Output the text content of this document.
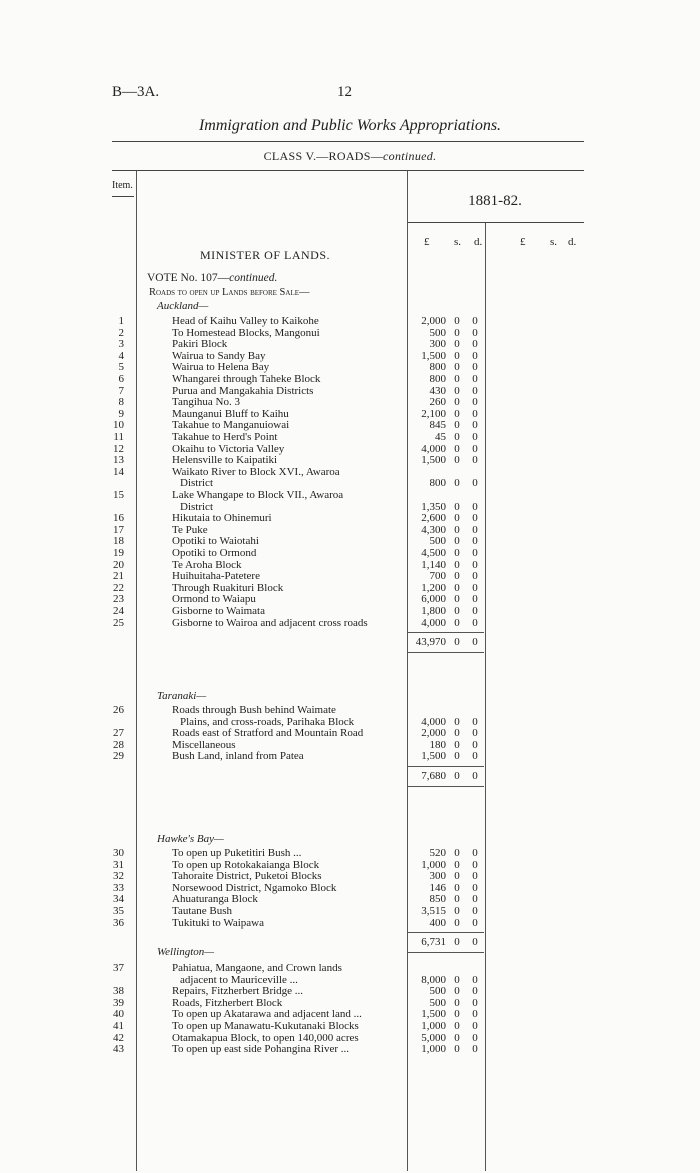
B—3A.	12
Immigration and Public Works Appropriations.
CLASS V.—ROADS—continued.
Item.
1881-82.
£ s. d.	£ s. d.
MINISTER OF LANDS.
VOTE No. 107—continued.
Roads to open up Lands before Sale—
Auckland—
1	Head of Kaihu Valley to Kaikohe	2,000 0 0
2	To Homestead Blocks, Mangonui	500 0 0
3	Pakiri Block	300 0 0
4	Wairua to Sandy Bay	1,500 0 0
5	Wairua to Helena Bay	800 0 0
6	Whangarei through Taheke Block	800 0 0
7	Purua and Mangakahia Districts	430 0 0
8	Tangihua No. 3	260 0 0
9	Maunganui Bluff to Kaihu	2,100 0 0
10	Takahue to Manganuiowai	845 0 0
11	Takahue to Herd's Point	45 0 0
12	Okaihu to Victoria Valley	4,000 0 0
13	Helensville to Kaipatiki	1,500 0 0
14	Waikato River to Block XVI., Awaroa
District	800 0 0
15	Lake Whangape to Block VII., Awaroa
District	1,350 0 0
16	Hikutaia to Ohinemuri	2,600 0 0
17	Te Puke	4,300 0 0
18	Opotiki to Waiotahi	500 0 0
19	Opotiki to Ormond	4,500 0 0
20	Te Aroha Block	1,140 0 0
21	Huihuitaha-Patetere	700 0 0
22	Through Ruakituri Block	1,200 0 0
23	Ormond to Waiapu	6,000 0 0
24	Gisborne to Waimata	1,800 0 0
25	Gisborne to Wairoa and adjacent cross roads	4,000 0 0
43,970 0 0
Taranaki—
26	Roads through Bush behind Waimate
Plains, and cross-roads, Parihaka Block	4,000 0 0
27	Roads east of Stratford and Mountain Road	2,000 0 0
28	Miscellaneous	180 0 0
29	Bush Land, inland from Patea	1,500 0 0
7,680 0 0
Hawke's Bay—
30	To open up Puketitiri Bush ...	520 0 0
31	To open up Rotokakaianga Block	1,000 0 0
32	Tahoraite District, Puketoi Blocks	300 0 0
33	Norsewood District, Ngamoko Block	146 0 0
34	Ahuaturanga Block	850 0 0
35	Tautane Bush	3,515 0 0
36	Tukituki to Waipawa	400 0 0
6,731 0 0
Wellington—
37	Pahiatua, Mangaone, and Crown lands
adjacent to Mauriceville ...	8,000 0 0
38	Repairs, Fitzherbert Bridge ...	500 0 0
39	Roads, Fitzherbert Block	500 0 0
40	To open up Akatarawa and adjacent land ...	1,500 0 0
41	To open up Manawatu-Kukutanaki Blocks	1,000 0 0
42	Otamakapua Block, to open 140,000 acres	5,000 0 0
43	To open up east side Pohangina River ...	1,000 0 0
